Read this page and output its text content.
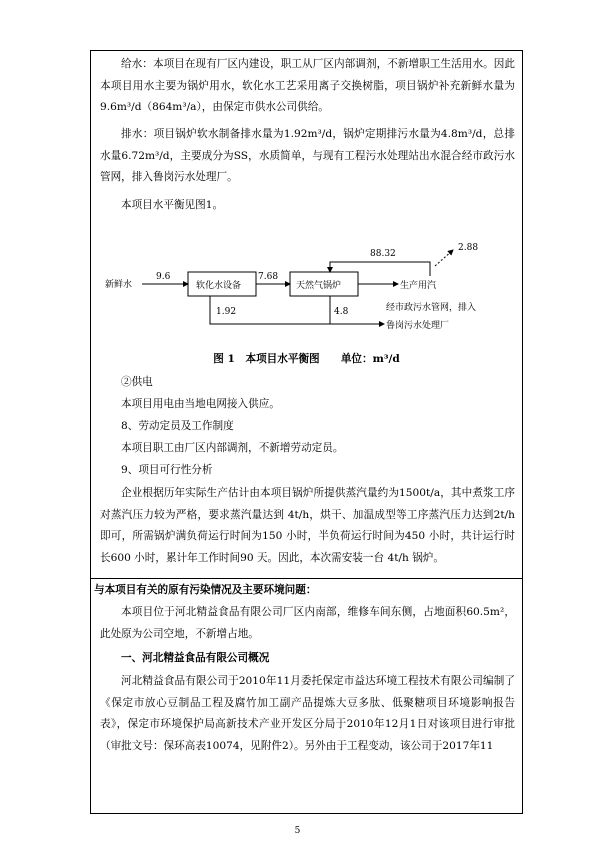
给水：本项目在现有厂区内建设，职工从厂区内部调剂，不新增职工生活用水。因此本项目用水主要为锅炉用水，软化水工艺采用离子交换树脂，项目锅炉补充新鲜水量为9.6m³/d（864m³/a），由保定市供水公司供给。
排水：项目锅炉软水制备排水量为1.92m³/d，锅炉定期排污水量为4.8m³/d，总排水量6.72m³/d，主要成分为SS，水质简单，与现有工程污水处理站出水混合经市政污水管网，排入鲁岗污水处理厂。
本项目水平衡见图1。
新鲜水
9.6
软化水设备
7.68
天然气锅炉	生产用汽
88.32
2.88
1.92	4.8	经市政污水管网，排入
鲁岗污水处理厂
图 1　本项目水平衡图　　单位：m³/d
②供电
本项目用电由当地电网接入供应。
8、劳动定员及工作制度
本项目职工由厂区内部调剂，不新增劳动定员。
9、项目可行性分析
企业根据历年实际生产估计由本项目锅炉所提供蒸汽量约为1500t/a，其中煮浆工序对蒸汽压力较为严格，要求蒸汽量达到 4t/h，烘干、加温成型等工序蒸汽压力达到2t/h即可，所需锅炉满负荷运行时间为150 小时，半负荷运行时间为450 小时，共计运行时长600 小时，累计年工作时间90 天。因此，本次需安装一台 4t/h 锅炉。
与本项目有关的原有污染情况及主要环境问题：
本项目位于河北精益食品有限公司厂区内南部，维修车间东侧，占地面积60.5m²，此处原为公司空地，不新增占地。
一、河北精益食品有限公司概况
河北精益食品有限公司于2010年11月委托保定市益达环境工程技术有限公司编制了《保定市放心豆制品工程及腐竹加工副产品提炼大豆多肽、低聚糖项目环境影响报告表》，保定市环境保护局高新技术产业开发区分局于2010年12月1日对该项目进行审批（审批文号：保环高表10074，见附件2）。另外由于工程变动，该公司于2017年11
5
